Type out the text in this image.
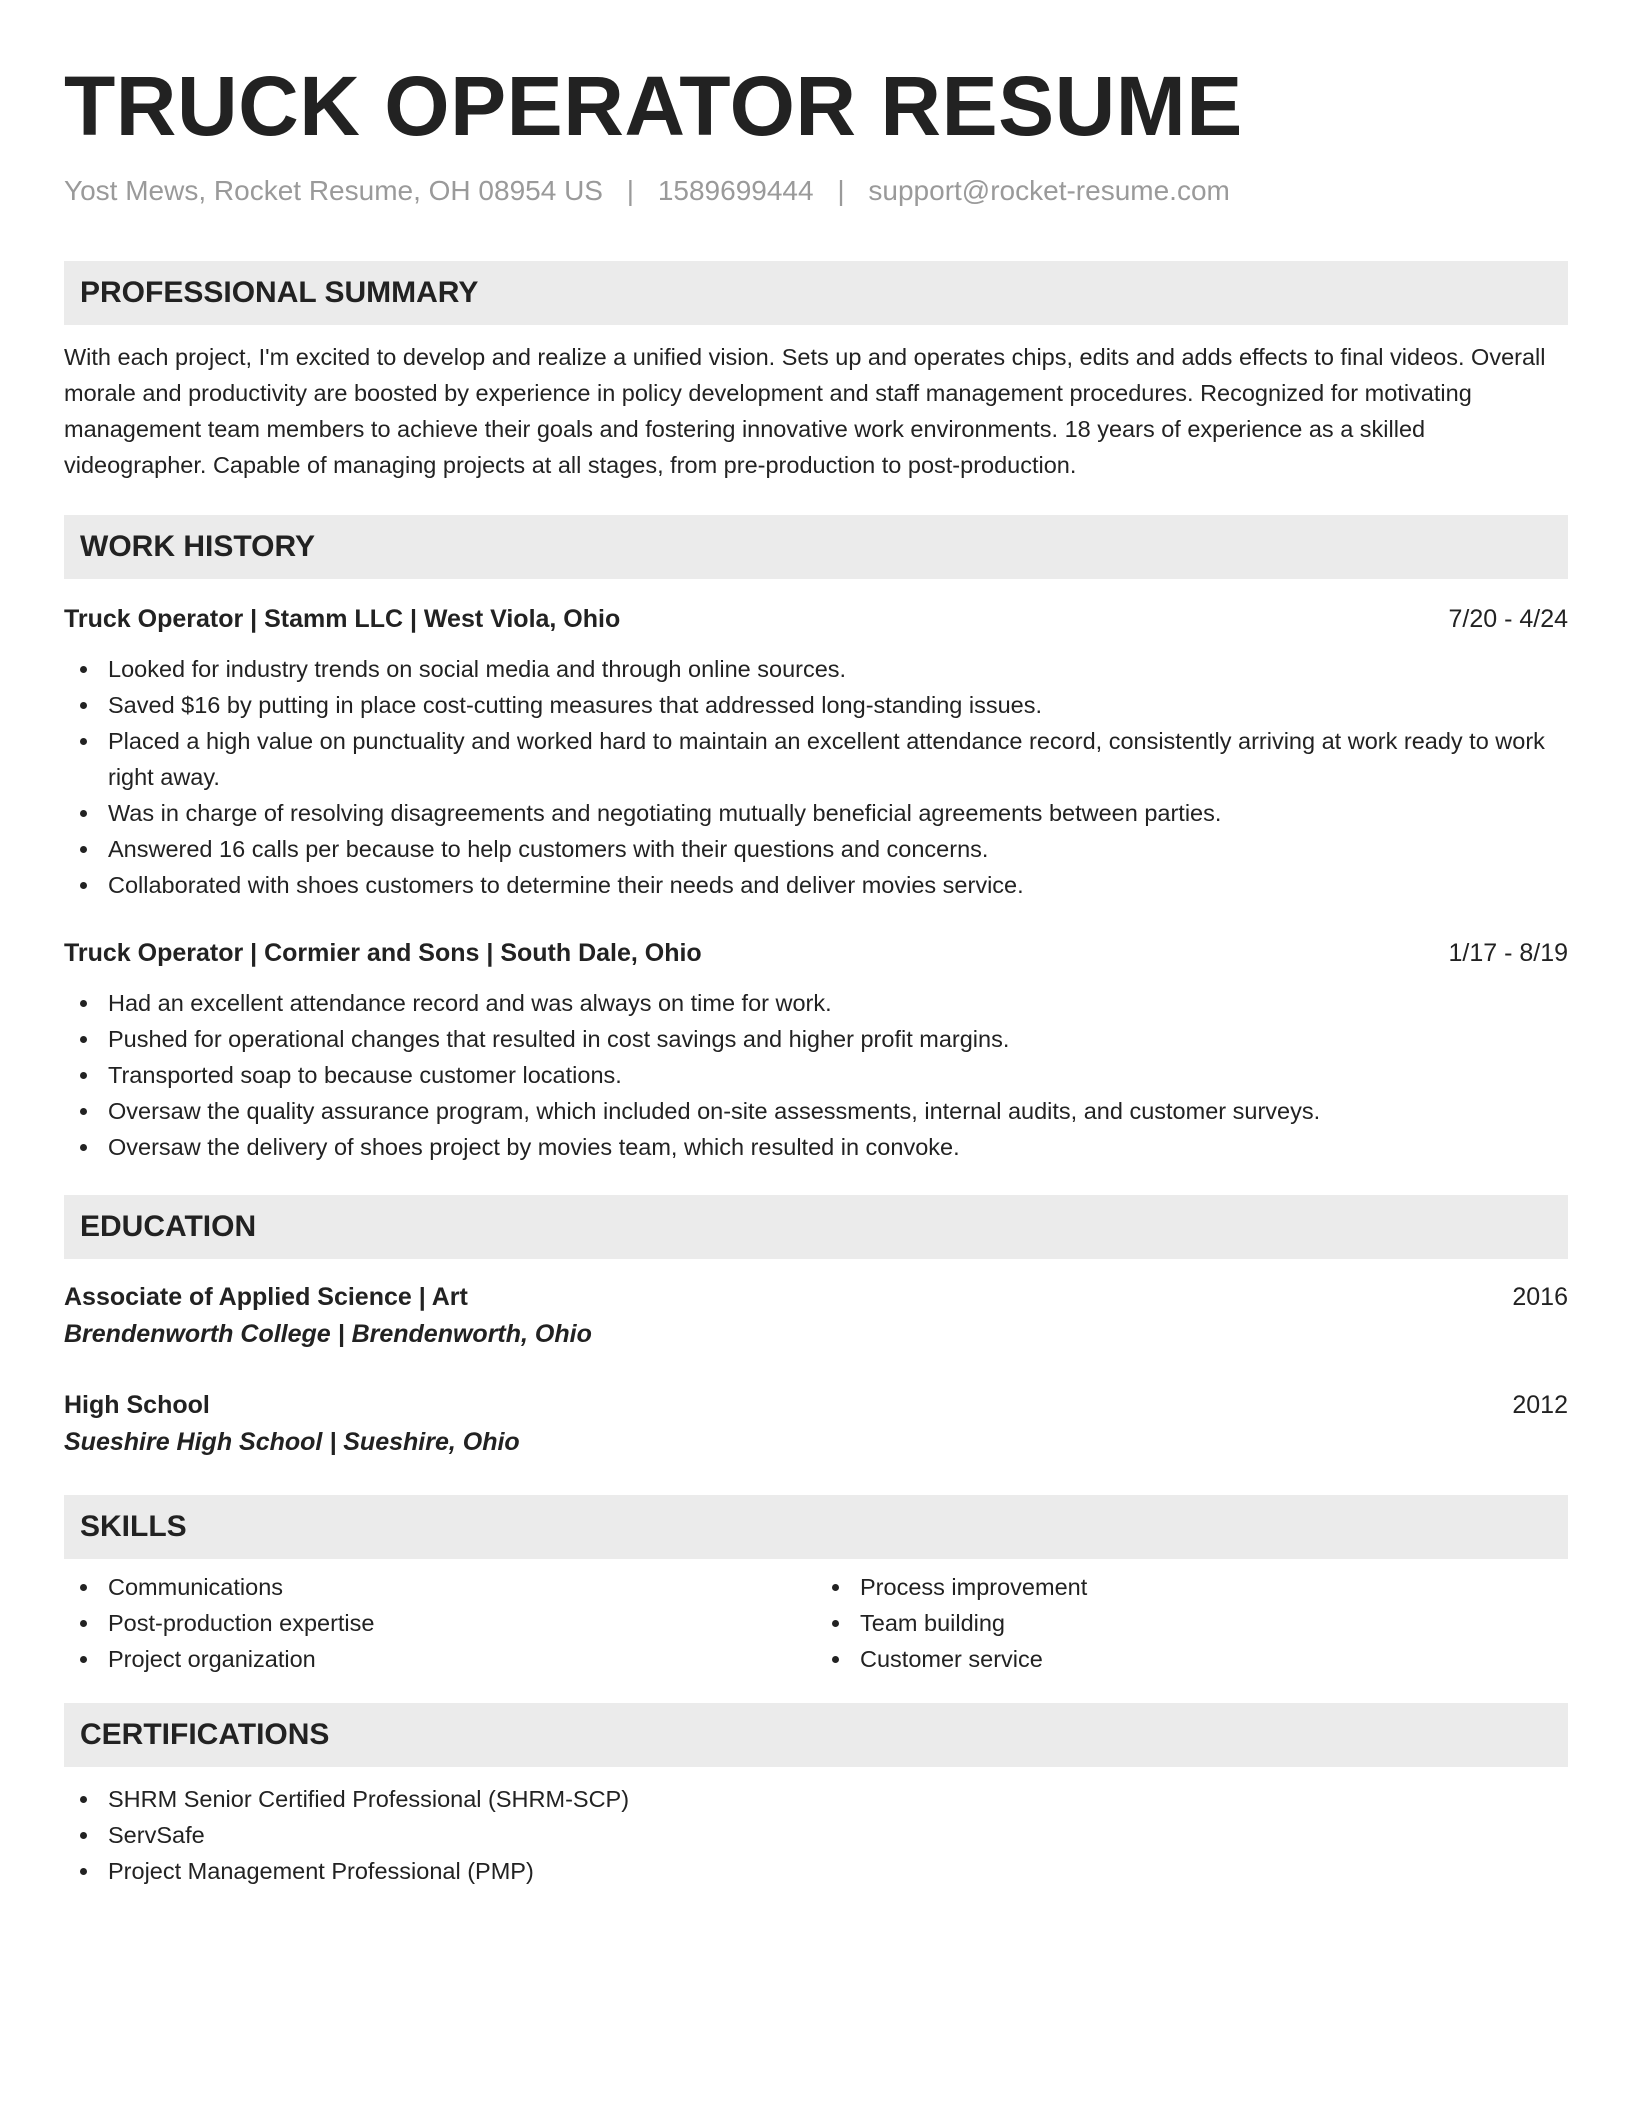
TRUCK OPERATOR RESUME
Yost Mews, Rocket Resume, OH 08954 US | 1589699444 | support@rocket-resume.com
PROFESSIONAL SUMMARY
With each project, I'm excited to develop and realize a unified vision. Sets up and operates chips, edits and adds effects to final videos. Overall morale and productivity are boosted by experience in policy development and staff management procedures. Recognized for motivating management team members to achieve their goals and fostering innovative work environments. 18 years of experience as a skilled videographer. Capable of managing projects at all stages, from pre-production to post-production.
WORK HISTORY
Truck Operator | Stamm LLC | West Viola, Ohio	7/20 - 4/24
Looked for industry trends on social media and through online sources.
Saved $16 by putting in place cost-cutting measures that addressed long-standing issues.
Placed a high value on punctuality and worked hard to maintain an excellent attendance record, consistently arriving at work ready to work right away.
Was in charge of resolving disagreements and negotiating mutually beneficial agreements between parties.
Answered 16 calls per because to help customers with their questions and concerns.
Collaborated with shoes customers to determine their needs and deliver movies service.
Truck Operator | Cormier and Sons | South Dale, Ohio	1/17 - 8/19
Had an excellent attendance record and was always on time for work.
Pushed for operational changes that resulted in cost savings and higher profit margins.
Transported soap to because customer locations.
Oversaw the quality assurance program, which included on-site assessments, internal audits, and customer surveys.
Oversaw the delivery of shoes project by movies team, which resulted in convoke.
EDUCATION
Associate of Applied Science | Art	2016
Brendenworth College | Brendenworth, Ohio
High School	2012
Sueshire High School | Sueshire, Ohio
SKILLS
Communications
Post-production expertise
Project organization
Process improvement
Team building
Customer service
CERTIFICATIONS
SHRM Senior Certified Professional (SHRM-SCP)
ServSafe
Project Management Professional (PMP)
